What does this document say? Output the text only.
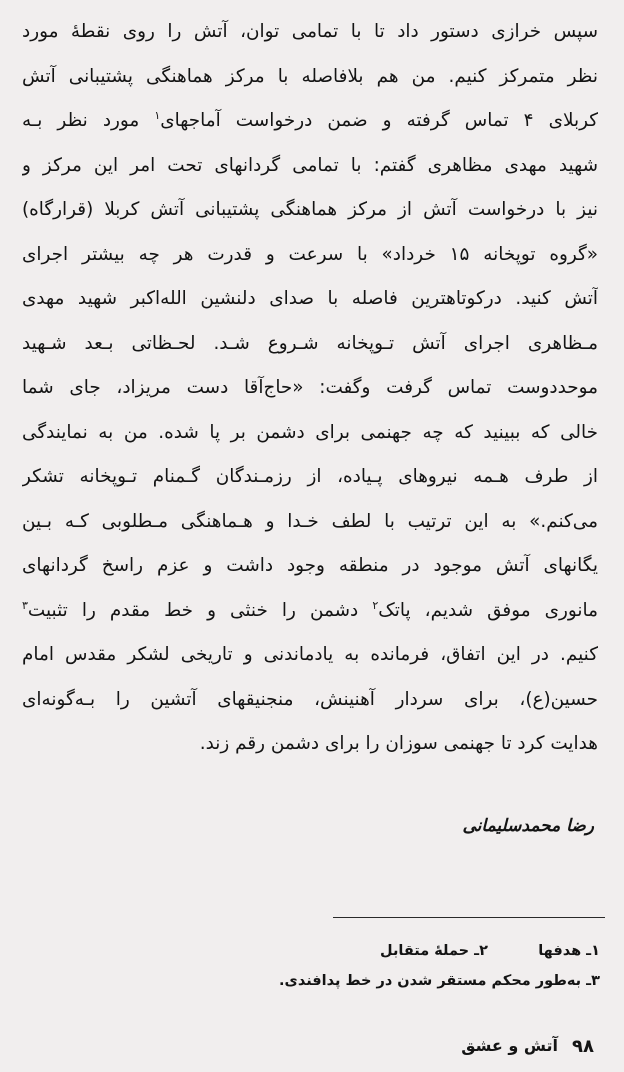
سپس خرازی دستور داد تا با تمامی توان، آتش را روی نقطهٔ مورد
نظر متمرکز کنیم. من هم بلافاصله با مرکز هماهنگی پشتیبانی آتش
کربلای ۴ تماس گرفته و ضمن درخواست آماجهای$^۱$ مورد نظر بـه
شهید مهدی مظاهری گفتم: با تمامی گردانهای تحت امر این مرکز و
نیز با درخواست آتش از مرکز هماهنگی پشتیبانی آتش کربلا (قرارگاه)
«گروه توپخانه ۱۵ خرداد» با سرعت و قدرت هر چه بیشتر اجرای
آتش کنید. درکوتاهترین فاصله با صدای دلنشین الله‌اکبر شهید مهدی
مـظاهری اجرای آتش تـوپخانه شـروع شـد. لحـظاتی بـعد شـهید
موحددوست تماس گرفت وگفت: «حاج‌آقا دست مریزاد، جای شما
خالی که ببینید که چه جهنمی برای دشمن بر پا شده. من به نمایندگی
از طرف هـمه نیروهای پـیاده، از رزمـندگان گـمنام تـوپخانه تشکر
می‌کنم.» به این ترتیب با لطف خـدا و هـماهنگی مـطلوبی کـه بـین
یگانهای آتش موجود در منطقه وجود داشت و عزم راسخ گردانهای
مانوری موفق شدیم، پاتک$^۲$ دشمن را خنثی و خط مقدم را تثبیت$^۳$
کنیم. در این اتفاق، فرمانده به یادماندنی و تاریخی لشکر مقدس امام
حسین(ع)، برای سردار آهنینش، منجنیقهای آتشین را بـه‌گونه‌ای
هدایت کرد تا جهنمی سوزان را برای دشمن رقم زند.
رضا محمدسلیمانی
۱ـ هدفها
۲ـ حملهٔ متقابل
۳ـ به‌طور محکم مستقر شدن در خط پدافندی.
۹۸
آتش و عشق
